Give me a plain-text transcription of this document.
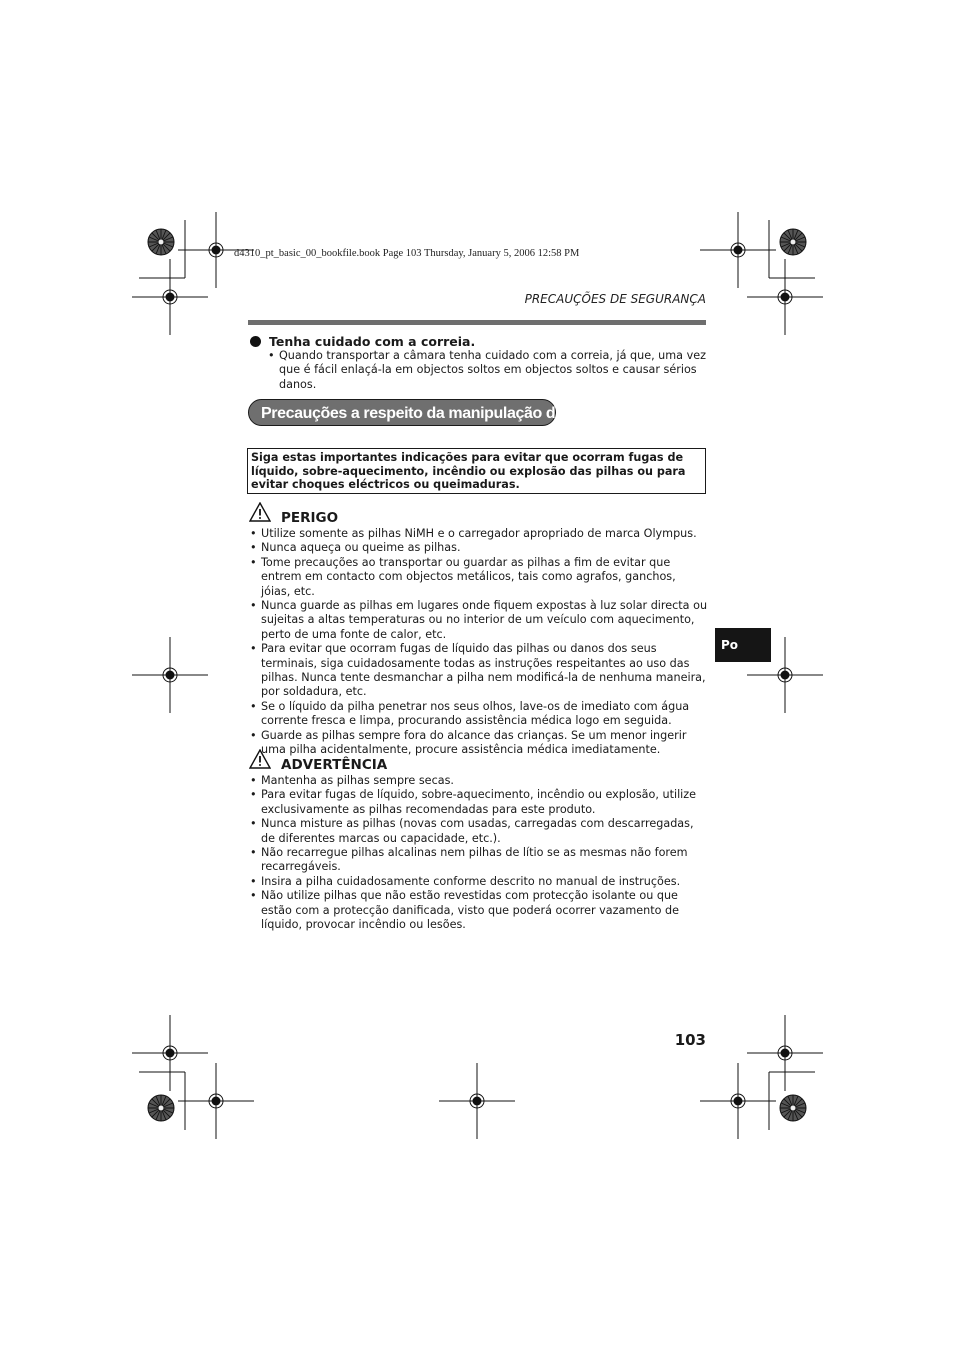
d4310_pt_basic_00_bookfile.book Page 103 Thursday, January 5, 2006 12:58 PM
PRECAUÇÕES DE SEGURANÇA
Tenha cuidado com a correia.
• Quando transportar a câmara tenha cuidado com a correia, já que, uma vez que é fácil enlaçá-la em objectos soltos em objectos soltos e causar sérios danos.
Precauções a respeito da manipulação das pilhas
Siga estas importantes indicações para evitar que ocorram fugas de líquido, sobre-aquecimento, incêndio ou explosão das pilhas ou para evitar choques eléctricos ou queimaduras.
PERIGO
• Utilize somente as pilhas NiMH e o carregador apropriado de marca Olympus.
• Nunca aqueça ou queime as pilhas.
• Tome precauções ao transportar ou guardar as pilhas a fim de evitar que entrem em contacto com objectos metálicos, tais como agrafos, ganchos, jóias, etc.
• Nunca guarde as pilhas em lugares onde fiquem expostas à luz solar directa ou sujeitas a altas temperaturas ou no interior de um veículo com aquecimento, perto de uma fonte de calor, etc.
• Para evitar que ocorram fugas de líquido das pilhas ou danos dos seus terminais, siga cuidadosamente todas as instruções respeitantes ao uso das pilhas. Nunca tente desmanchar a pilha nem modificá-la de nenhuma maneira, por soldadura, etc.
• Se o líquido da pilha penetrar nos seus olhos, lave-os de imediato com água corrente fresca e limpa, procurando assistência médica logo em seguida.
• Guarde as pilhas sempre fora do alcance das crianças. Se um menor ingerir uma pilha acidentalmente, procure assistência médica imediatamente.
ADVERTÊNCIA
• Mantenha as pilhas sempre secas.
• Para evitar fugas de líquido, sobre-aquecimento, incêndio ou explosão, utilize exclusivamente as pilhas recomendadas para este produto.
• Nunca misture as pilhas (novas com usadas, carregadas com descarregadas, de diferentes marcas ou capacidade, etc.).
• Não recarregue pilhas alcalinas nem pilhas de lítio se as mesmas não forem recarregáveis.
• Insira a pilha cuidadosamente conforme descrito no manual de instruções.
• Não utilize pilhas que não estão revestidas com protecção isolante ou que estão com a protecção danificada, visto que poderá ocorrer vazamento de líquido, provocar incêndio ou lesões.
Po
103
